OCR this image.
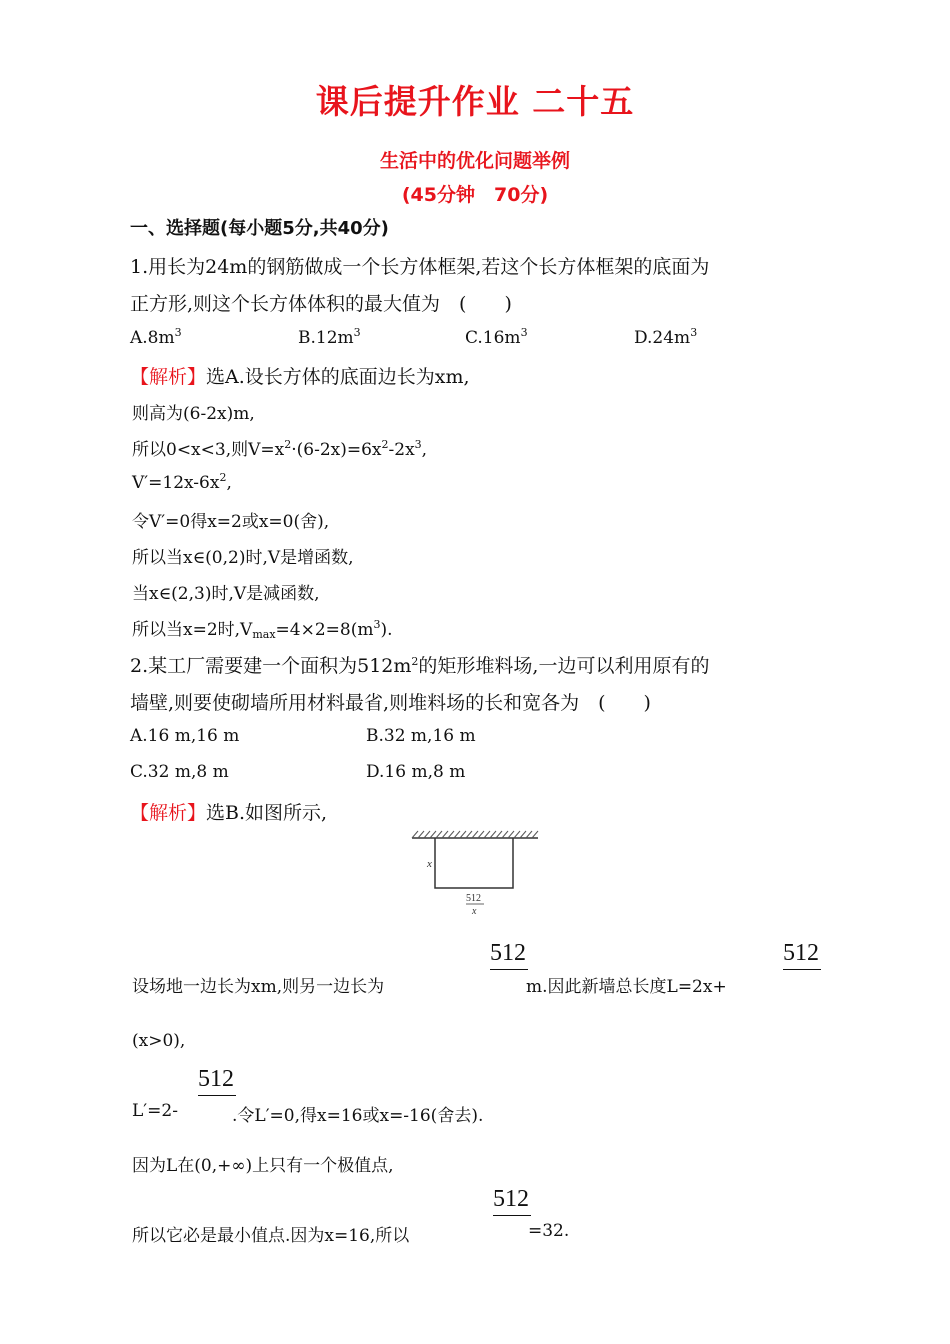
课后提升作业 二十五
生活中的优化问题举例
(45分钟　70分)
一、选择题(每小题5分,共40分)
1.用长为24m的钢筋做成一个长方体框架,若这个长方体框架的底面为
正方形,则这个长方体体积的最大值为　(　　)
$A.8m^3$	$B.12m^3$	$C.16m^3$	$D.24m^3$
【解析】选A.设长方体的底面边长为xm,
则高为(6-2x)m,
所以0<x<3,则$V=x^2\cdot(6-2x)=6x^2-2x^3$,
$V'=12x-6x^2$,
令V′=0得x=2或x=0(舍),
所以当x∈(0,2)时,V是增函数,
当x∈(2,3)时,V是减函数,
所以当x=2时$,V_{max}=4\times 2=8(m^3)$.
2.某工厂需要建一个面积为$512m^2$的矩形堆料场,一边可以利用原有的
墙壁,则要使砌墙所用材料最省,则堆料场的长和宽各为　(　　)
A.16 m,16 m	B.32 m,16 m
C.32 m,8 m	D.16 m,8 m
【解析】选B.如图所示,
x
512
x
512	512
设场地一边长为xm,则另一边长为	m.因此新墙总长度L=2x+
(x>0),
512
L′=2-	.令L′=0,得x=16或x=-16(舍去).
因为L在(0,+∞)上只有一个极值点,
512
所以它必是最小值点.因为x=16,所以	=32.
